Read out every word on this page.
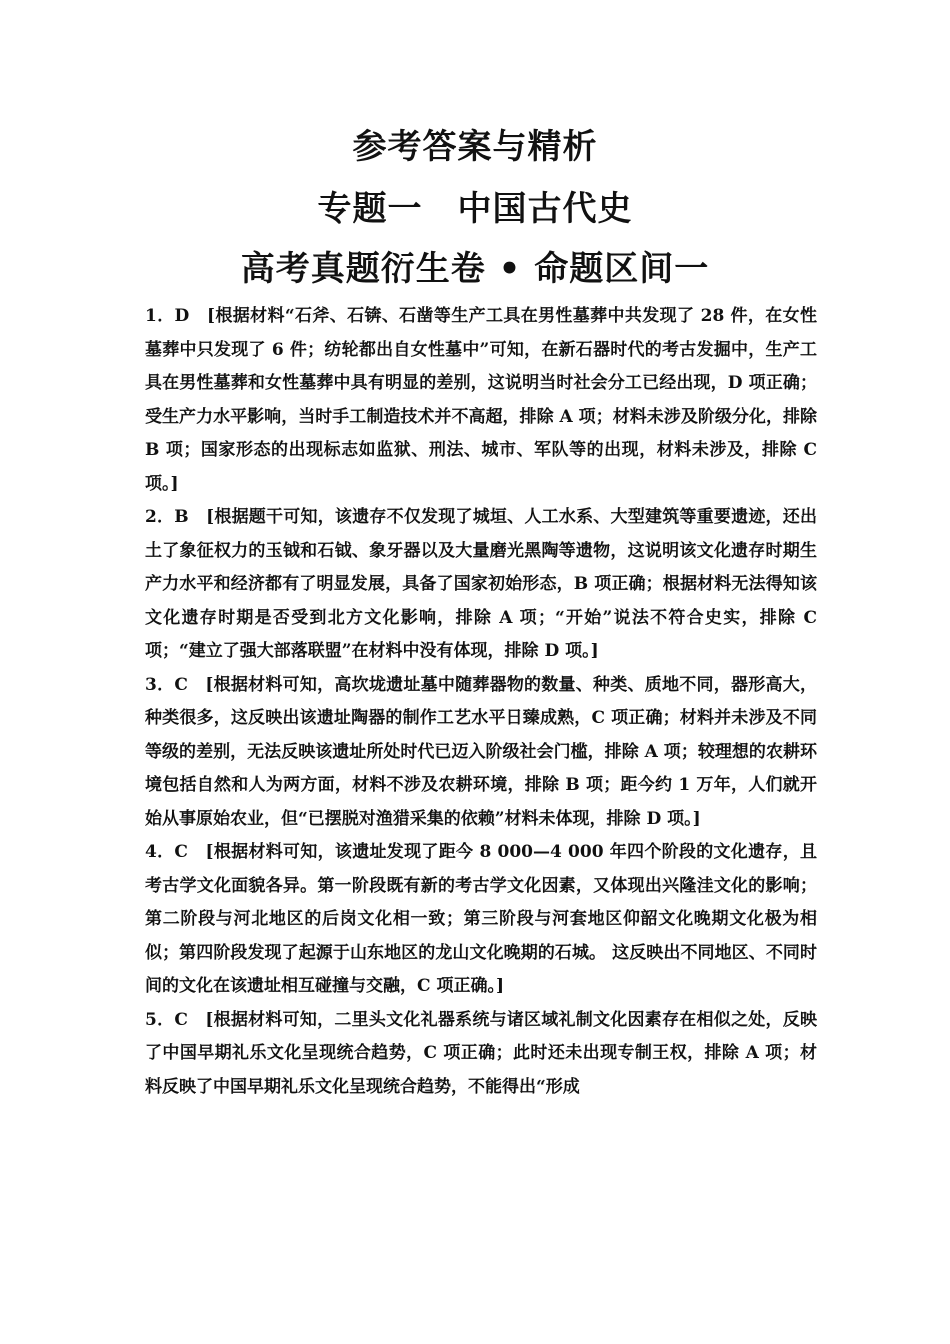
参考答案与精析
专题一　中国古代史
高考真题衍生卷 • 命题区间一

1．D　[根据材料“石斧、石锛、石凿等生产工具在男性墓葬中共发现了 28 件，在女性墓葬中只发现了 6 件；纺轮都出自女性墓中”可知，在新石器时代的考古发掘中，生产工具在男性墓葬和女性墓葬中具有明显的差别，这说明当时社会分工已经出现，D 项正确；受生产力水平影响，当时手工制造技术并不高超，排除 A 项；材料未涉及阶级分化，排除 B 项；国家形态的出现标志如监狱、刑法、城市、军队等的出现，材料未涉及，排除 C 项。]

2．B　[根据题干可知，该遗存不仅发现了城垣、人工水系、大型建筑等重要遗迹，还出土了象征权力的玉钺和石钺、象牙器以及大量磨光黑陶等遗物，这说明该文化遗存时期生产力水平和经济都有了明显发展，具备了国家初始形态，B 项正确；根据材料无法得知该文化遗存时期是否受到北方文化影响，排除 A 项；“开始”说法不符合史实，排除 C 项；“建立了强大部落联盟”在材料中没有体现，排除 D 项。]

3．C　[根据材料可知，高坎垅遗址墓中随葬器物的数量、种类、质地不同，器形高大，种类很多，这反映出该遗址陶器的制作工艺水平日臻成熟，C 项正确；材料并未涉及不同等级的差别，无法反映该遗址所处时代已迈入阶级社会门槛，排除 A 项；较理想的农耕环境包括自然和人为两方面，材料不涉及农耕环境，排除 B 项；距今约 1 万年，人们就开始从事原始农业，但“已摆脱对渔猎采集的依赖”材料未体现，排除 D 项。]

4．C　[根据材料可知，该遗址发现了距今 8 000—4 000 年四个阶段的文化遗存，且考古学文化面貌各异。第一阶段既有新的考古学文化因素，又体现出兴隆洼文化的影响；第二阶段与河北地区的后岗文化相一致；第三阶段与河套地区仰韶文化晚期文化极为相似；第四阶段发现了起源于山东地区的龙山文化晚期的石城。 这反映出不同地区、不同时间的文化在该遗址相互碰撞与交融，C 项正确。]

5．C　[根据材料可知，二里头文化礼器系统与诸区域礼制文化因素存在相似之处，反映了中国早期礼乐文化呈现统合趋势，C 项正确；此时还未出现专制王权，排除 A 项；材料反映了中国早期礼乐文化呈现统合趋势，不能得出“形成
